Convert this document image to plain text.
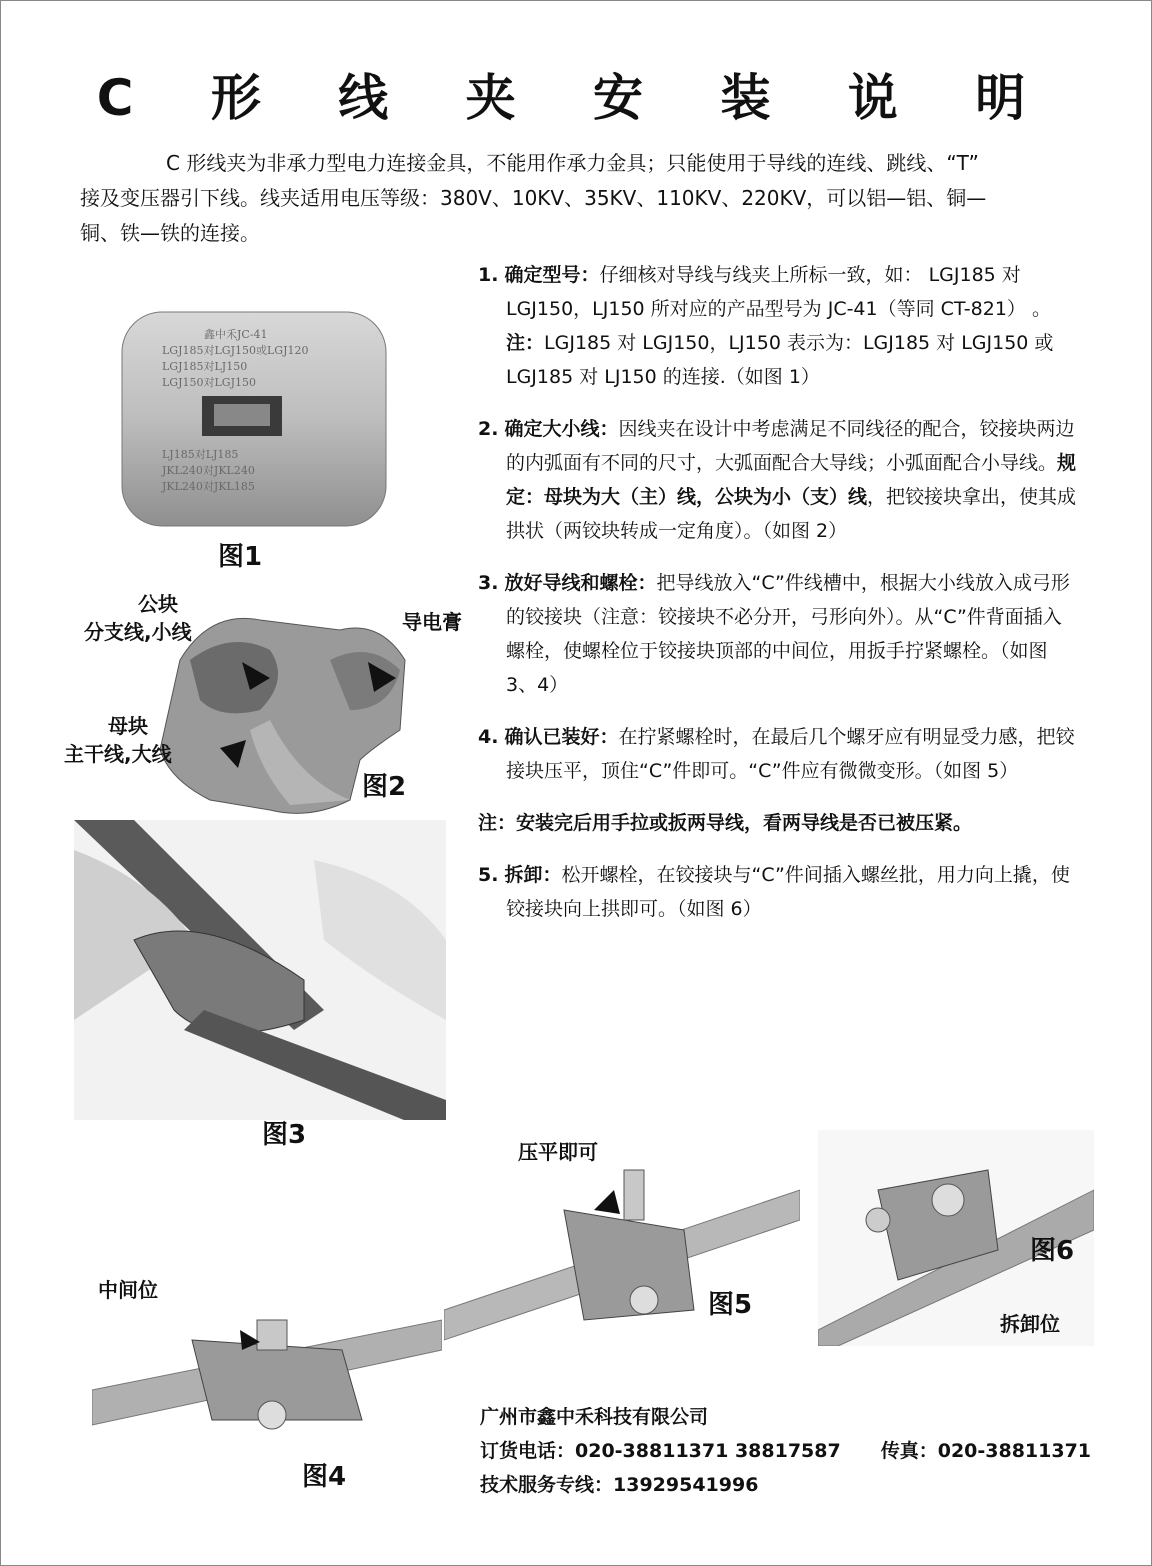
C 形 线 夹 安 装 说 明
C 形线夹为非承力型电力连接金具，不能用作承力金具；只能使用于导线的连线、跳线、“T”
接及变压器引下线。线夹适用电压等级：380V、10KV、35KV、110KV、220KV，可以铝—铝、铜—
铜、铁—铁的连接。
1. 确定型号：仔细核对导线与线夹上所标一致，如： LGJ185 对 LGJ150，LJ150 所对应的产品型号为 JC-41（等同 CT-821） 。
注：LGJ185 对 LGJ150，LJ150 表示为：LGJ185 对 LGJ150 或 LGJ185 对 LJ150 的连接.（如图 1）
2. 确定大小线：因线夹在设计中考虑满足不同线径的配合，铰接块两边的内弧面有不同的尺寸，大弧面配合大导线；小弧面配合小导线。规定：母块为大（主）线，公块为小（支）线，把铰接块拿出，使其成拱状（两铰块转成一定角度）。（如图 2）
3. 放好导线和螺栓：把导线放入“C”件线槽中，根据大小线放入成弓形的铰接块（注意：铰接块不必分开，弓形向外）。从“C”件背面插入螺栓，使螺栓位于铰接块顶部的中间位，用扳手拧紧螺栓。（如图 3、4）
4. 确认已装好：在拧紧螺栓时，在最后几个螺牙应有明显受力感，把铰接块压平，顶住“C”件即可。“C”件应有微微变形。（如图 5）
注：安装完后用手拉或扳两导线，看两导线是否已被压紧。
5. 拆卸：松开螺栓，在铰接块与“C”件间插入螺丝批，用力向上撬，使铰接块向上拱即可。（如图 6）
鑫中禾JC-41
LGJ185对LGJ150或LGJ120
LGJ185对LJ150
LGJ150对LGJ150
LJ185对LJ185
JKL240对JKL240
JKL240对JKL185
图1
公块
分支线,小线	导电膏
母块
主干线,大线
图2
图3
中间位
图4
压平即可
图5
图6
拆卸位
广州市鑫中禾科技有限公司
订货电话：020-38811371 38817587 传真：020-38811371
技术服务专线：13929541996
